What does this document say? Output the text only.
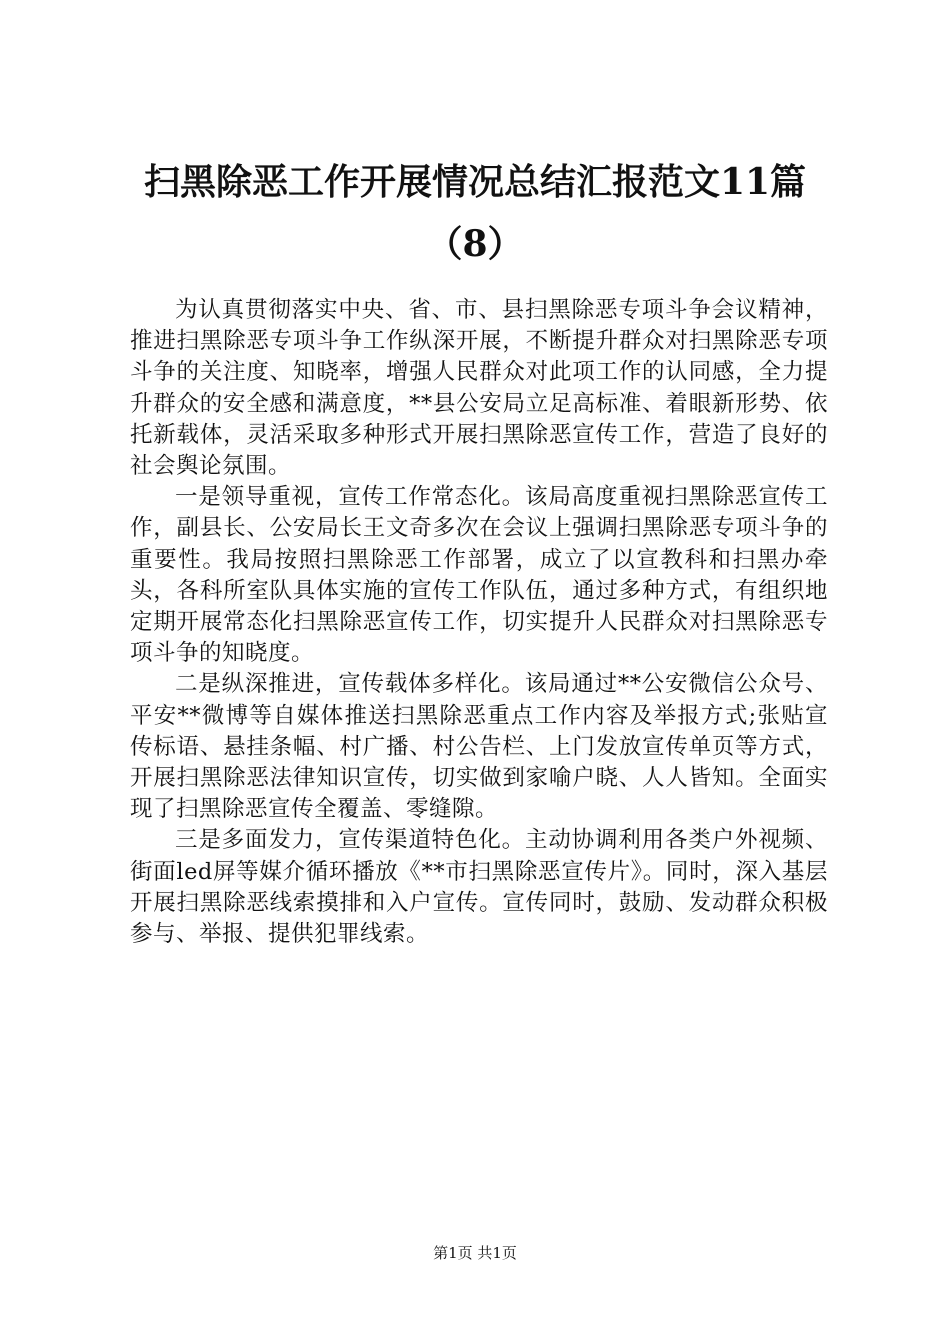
扫黑除恶工作开展情况总结汇报范文11篇
（8）

为认真贯彻落实中央、省、市、县扫黑除恶专项斗争会议精神，推进扫黑除恶专项斗争工作纵深开展，不断提升群众对扫黑除恶专项斗争的关注度、知晓率，增强人民群众对此项工作的认同感，全力提升群众的安全感和满意度，**县公安局立足高标准、着眼新形势、依托新载体，灵活采取多种形式开展扫黑除恶宣传工作，营造了良好的社会舆论氛围。

一是领导重视，宣传工作常态化。该局高度重视扫黑除恶宣传工作，副县长、公安局长王文奇多次在会议上强调扫黑除恶专项斗争的重要性。我局按照扫黑除恶工作部署，成立了以宣教科和扫黑办牵头，各科所室队具体实施的宣传工作队伍，通过多种方式，有组织地定期开展常态化扫黑除恶宣传工作，切实提升人民群众对扫黑除恶专项斗争的知晓度。

二是纵深推进，宣传载体多样化。该局通过**公安微信公众号、平安**微博等自媒体推送扫黑除恶重点工作内容及举报方式;张贴宣传标语、悬挂条幅、村广播、村公告栏、上门发放宣传单页等方式，开展扫黑除恶法律知识宣传，切实做到家喻户晓、人人皆知。全面实现了扫黑除恶宣传全覆盖、零缝隙。

三是多面发力，宣传渠道特色化。主动协调利用各类户外视频、街面led屏等媒介循环播放《**市扫黑除恶宣传片》。同时，深入基层开展扫黑除恶线索摸排和入户宣传。宣传同时，鼓励、发动群众积极参与、举报、提供犯罪线索。

第1页 共1页
